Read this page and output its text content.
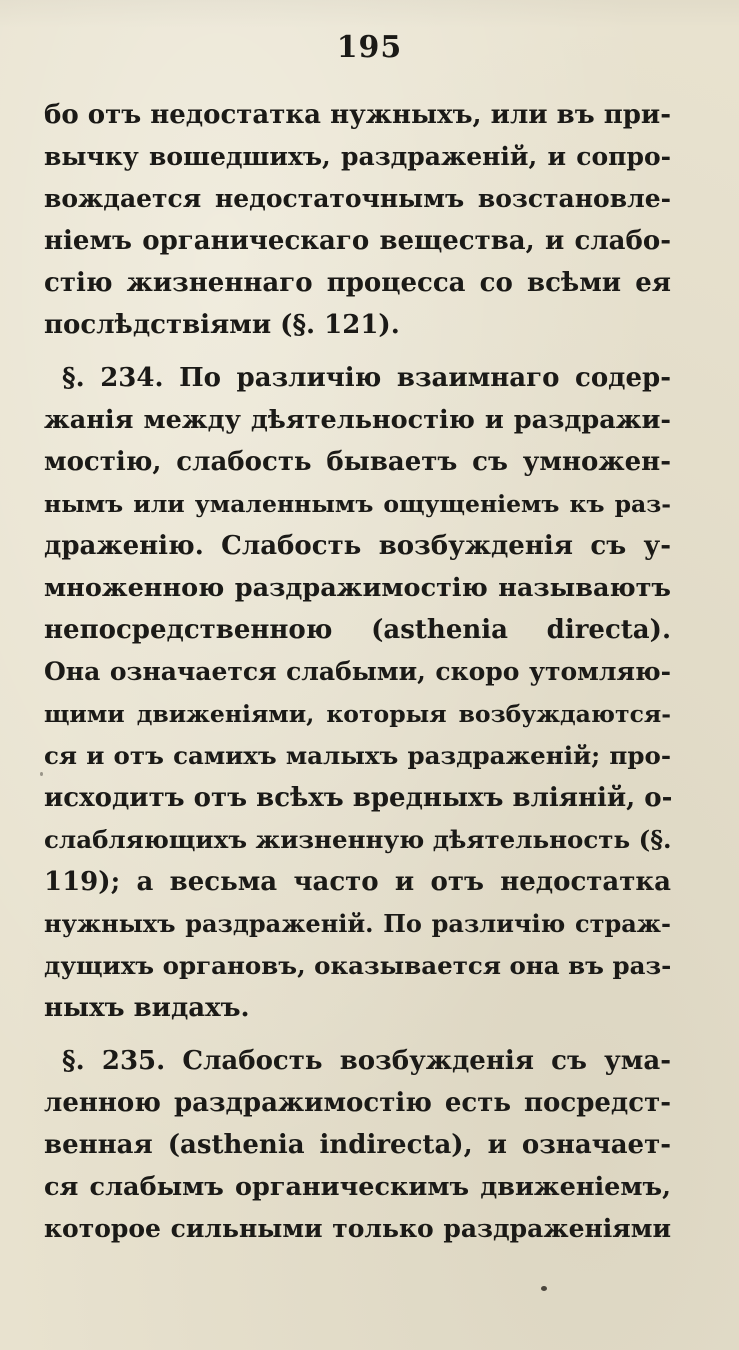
195
бо отъ недостатка нужныхъ, или въ при-
вычку вошедшихъ, раздраженій, и сопро-
вождается недостаточнымъ возстановле-
ніемъ органическаго вещества, и слабо-
стію жизненнаго процесса со всѣми ея
послѣдствіями (§. 121).
§. 234. По различію взаимнаго содер-
жанія между дѣятельностію и раздражи-
мостію, слабость бываетъ съ умножен-
нымъ или умаленнымъ ощущеніемъ къ раз-
драженію. Слабость возбужденія съ у-
множенною раздражимостію называютъ
непосредственною (asthenia directa).
Она означается слабыми, скоро утомляю-
щими движеніями, которыя возбуждаются-
ся и отъ самихъ малыхъ раздраженій; про-
исходитъ отъ всѣхъ вредныхъ вліяній, о-
слабляющихъ жизненную дѣятельность (§.
119); а весьма часто и отъ недостатка
нужныхъ раздраженій. По различію страж-
дущихъ органовъ, оказывается она въ раз-
ныхъ видахъ.
§. 235. Слабость возбужденія съ ума-
ленною раздражимостію есть посредст-
венная (asthenia indirecta), и означает-
ся слабымъ органическимъ движеніемъ,
которое сильными только раздраженіями
